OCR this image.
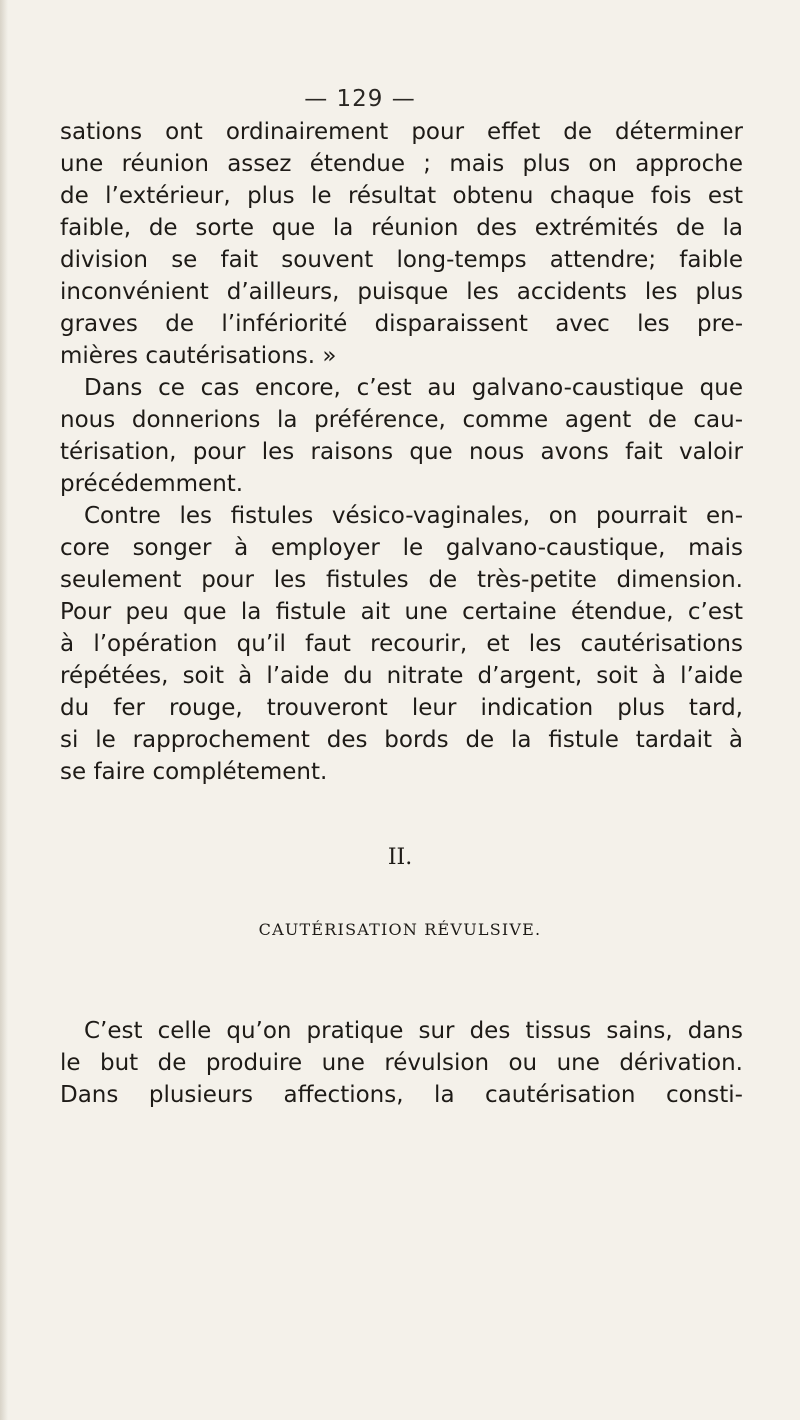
— 129 —
sations ont ordinairement pour effet de déterminer
une réunion assez étendue ; mais plus on approche
de l’extérieur, plus le résultat obtenu chaque fois est
faible, de sorte que la réunion des extrémités de la
division se fait souvent long-temps attendre; faible
inconvénient d’ailleurs, puisque les accidents les plus
graves de l’infériorité disparaissent avec les pre-
mières cautérisations. »
Dans ce cas encore, c’est au galvano-caustique que
nous donnerions la préférence, comme agent de cau-
térisation, pour les raisons que nous avons fait valoir
précédemment.
Contre les fistules vésico-vaginales, on pourrait en-
core songer à employer le galvano-caustique, mais
seulement pour les fistules de très-petite dimension.
Pour peu que la fistule ait une certaine étendue, c’est
à l’opération qu’il faut recourir, et les cautérisations
répétées, soit à l’aide du nitrate d’argent, soit à l’aide
du fer rouge, trouveront leur indication plus tard,
si le rapprochement des bords de la fistule tardait à
se faire complétement.
II.
CAUTÉRISATION RÉVULSIVE.
C’est celle qu’on pratique sur des tissus sains, dans
le but de produire une révulsion ou une dérivation.
Dans plusieurs affections, la cautérisation consti-
